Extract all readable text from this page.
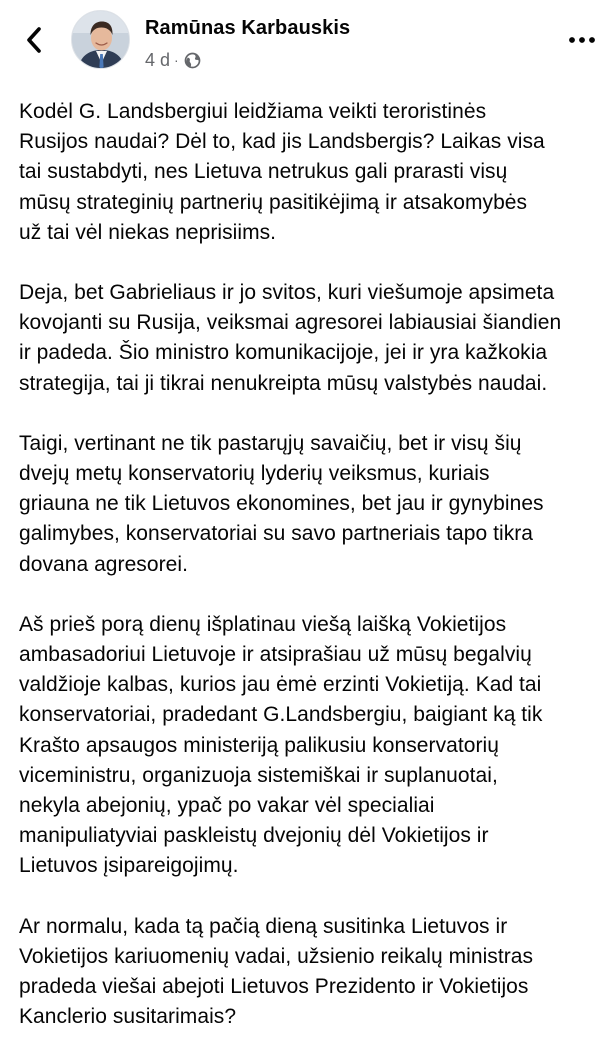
Ramūnas Karbauskis
4 d ·

Kodėl G. Landsbergiui leidžiama veikti teroristinės
Rusijos naudai? Dėl to, kad jis Landsbergis? Laikas visa
tai sustabdyti, nes Lietuva netrukus gali prarasti visų
mūsų strateginių partnerių pasitikėjimą ir atsakomybės
už tai vėl niekas neprisiims.

Deja, bet Gabrieliaus ir jo svitos, kuri viešumoje apsimeta
kovojanti su Rusija, veiksmai agresorei labiausiai šiandien
ir padeda. Šio ministro komunikacijoje, jei ir yra kažkokia
strategija, tai ji tikrai nenukreipta mūsų valstybės naudai.

Taigi, vertinant ne tik pastarųjų savaičių, bet ir visų šių
dvejų metų konservatorių lyderių veiksmus, kuriais
griauna ne tik Lietuvos ekonomines, bet jau ir gynybines
galimybes, konservatoriai su savo partneriais tapo tikra
dovana agresorei.

Aš prieš porą dienų išplatinau viešą laišką Vokietijos
ambasadoriui Lietuvoje ir atsiprašiau už mūsų begalvių
valdžioje kalbas, kurios jau ėmė erzinti Vokietiją. Kad tai
konservatoriai, pradedant G.Landsbergiu, baigiant ką tik
Krašto apsaugos ministeriją palikusiu konservatorių
viceministru, organizuoja sistemiškai ir suplanuotai,
nekyla abejonių, ypač po vakar vėl specialiai
manipuliatyviai paskleistų dvejonių dėl Vokietijos ir
Lietuvos įsipareigojimų.

Ar normalu, kada tą pačią dieną susitinka Lietuvos ir
Vokietijos kariuomenių vadai, užsienio reikalų ministras
pradeda viešai abejoti Lietuvos Prezidento ir Vokietijos
Kanclerio susitarimais?
